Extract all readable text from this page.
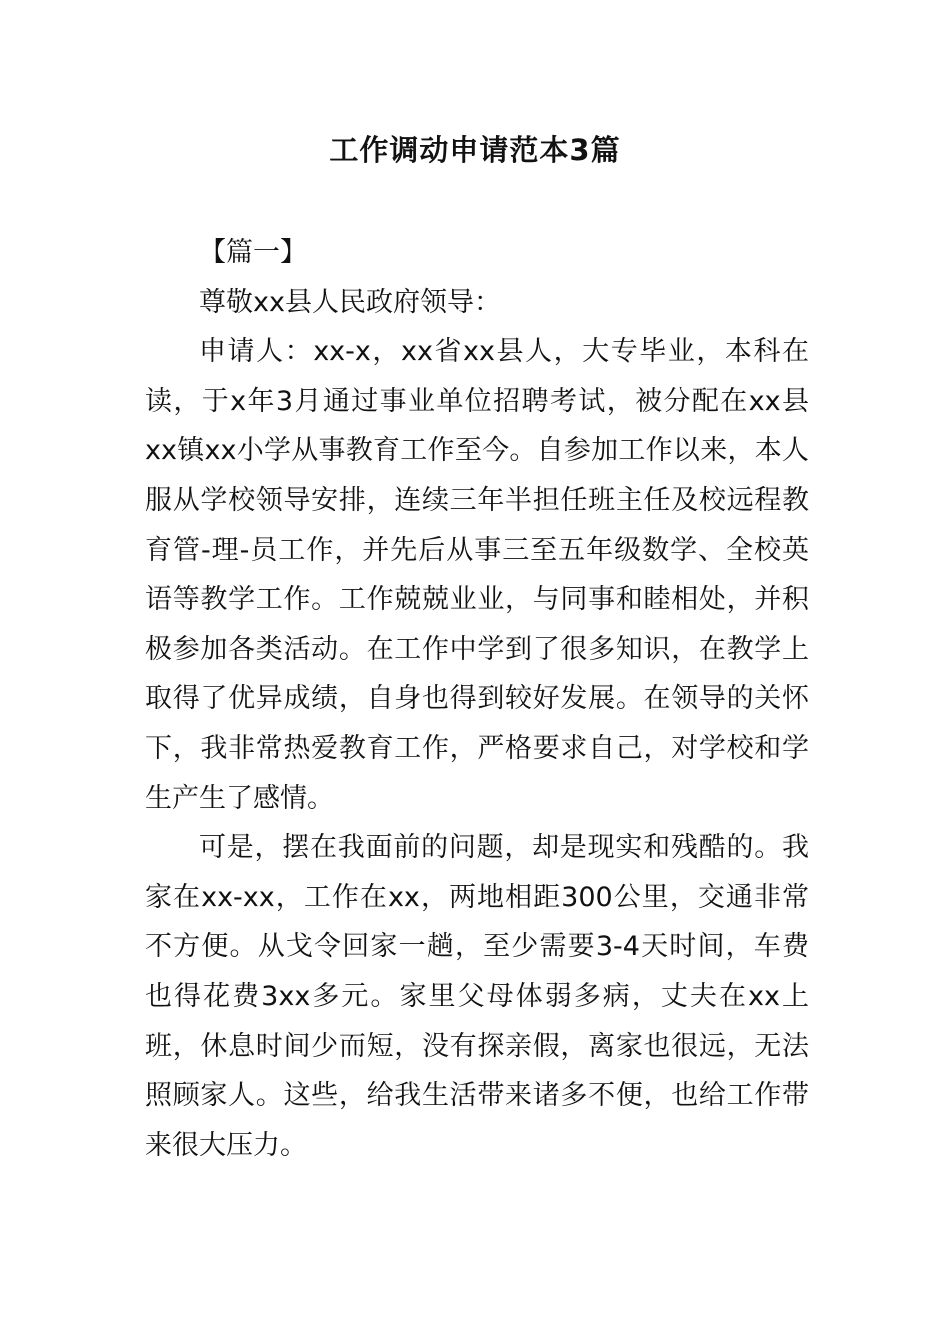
工作调动申请范本3篇

【篇一】

尊敬xx县人民政府领导：

申请人：xx-x，xx省xx县人，大专毕业，本科在读，于x年3月通过事业单位招聘考试，被分配在xx县xx镇xx小学从事教育工作至今。自参加工作以来，本人服从学校领导安排，连续三年半担任班主任及校远程教育管-理-员工作，并先后从事三至五年级数学、全校英语等教学工作。工作兢兢业业，与同事和睦相处，并积极参加各类活动。在工作中学到了很多知识，在教学上取得了优异成绩，自身也得到较好发展。在领导的关怀下，我非常热爱教育工作，严格要求自己，对学校和学生产生了感情。

可是，摆在我面前的问题，却是现实和残酷的。我家在xx-xx，工作在xx，两地相距300公里，交通非常不方便。从戈令回家一趟，至少需要3-4天时间，车费也得花费3xx多元。家里父母体弱多病，丈夫在xx上班，休息时间少而短，没有探亲假，离家也很远，无法照顾家人。这些，给我生活带来诸多不便，也给工作带来很大压力。
